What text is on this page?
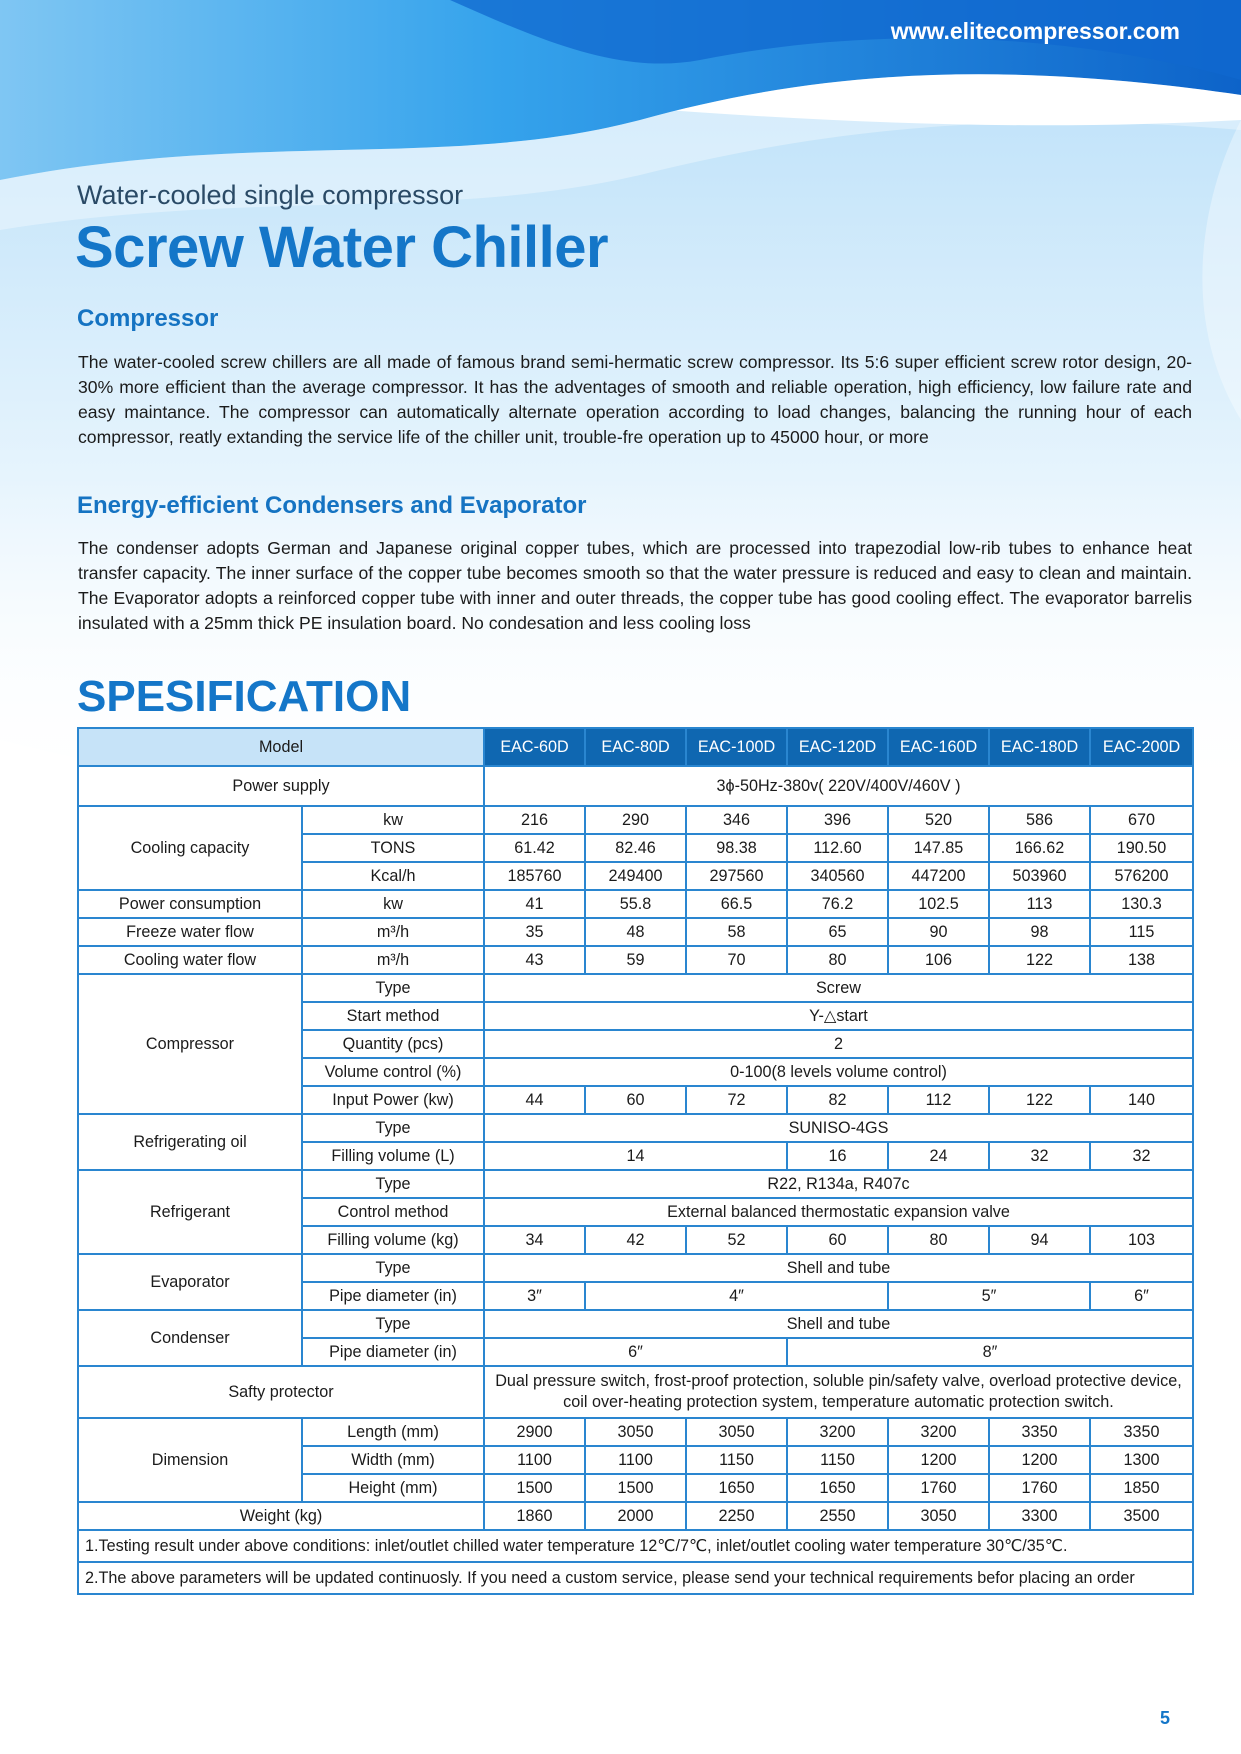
www.elitecompressor.com
Water-cooled single compressor
Screw Water Chiller
Compressor
The water-cooled screw chillers are all made of famous brand semi-hermatic screw compressor. Its 5:6 super efficient screw rotor design, 20-30% more efficient than the average compressor. It has the adventages of smooth and reliable operation, high efficiency, low failure rate and easy maintance. The compressor can automatically alternate operation according to load changes, balancing the running hour of each compressor, reatly extanding the service life of the chiller unit, trouble-fre operation up to 45000 hour, or more
Energy-efficient Condensers and Evaporator
The condenser adopts German and Japanese original copper tubes, which are processed into trapezodial low-rib tubes to enhance heat transfer capacity. The inner surface of the copper tube becomes smooth so that the water pressure is reduced and easy to clean and maintain. The Evaporator adopts a reinforced copper tube with inner and outer threads, the copper tube has good cooling effect. The evaporator barrelis insulated with a 25mm thick PE insulation board. No condesation and less cooling loss
SPESIFICATION
Model		EAC-60D	EAC-80D	EAC-100D	EAC-120D	EAC-160D	EAC-180D	EAC-200D
Power supply		3ϕ-50Hz-380v( 220V/400V/460V )						
Cooling capacity	kw	216	290	346	396	520	586	670
	TONS	61.42	82.46	98.38	112.60	147.85	166.62	190.50
	Kcal/h	185760	249400	297560	340560	447200	503960	576200
Power consumption	kw	41	55.8	66.5	76.2	102.5	113	130.3
Freeze water flow	m³/h	35	48	58	65	90	98	115
Cooling water flow	m³/h	43	59	70	80	106	122	138
Compressor	Type	Screw						
	Start method	Y-△start						
	Quantity (pcs)	2						
	Volume control (%)	0-100(8 levels volume control)						
	Input Power (kw)	44	60	72	82	112	122	140
Refrigerating oil	Type	SUNISO-4GS						
	Filling volume (L)	14			16	24	32	32
Refrigerant	Type	R22, R134a, R407c						
	Control method	External balanced thermostatic expansion valve						
	Filling volume (kg)	34	42	52	60	80	94	103
Evaporator	Type	Shell and tube						
	Pipe diameter (in)	3″	4″			5″		6″
Condenser	Type	Shell and tube						
	Pipe diameter (in)	6″			8″			
Safty protector		Dual pressure switch, frost-proof protection, soluble pin/safety valve, overload protective device, coil over-heating protection system, temperature automatic protection switch.						
Dimension	Length (mm)	2900	3050	3050	3200	3200	3350	3350
	Width (mm)	1100	1100	1150	1150	1200	1200	1300
	Height (mm)	1500	1500	1650	1650	1760	1760	1850
Weight (kg)		1860	2000	2250	2550	3050	3300	3500
1.Testing result under above conditions: inlet/outlet chilled water temperature 12℃/7℃, inlet/outlet cooling water temperature 30℃/35℃.								
2.The above parameters will be updated continuosly. If you need a custom service, please send your technical requirements befor placing an order								
5
